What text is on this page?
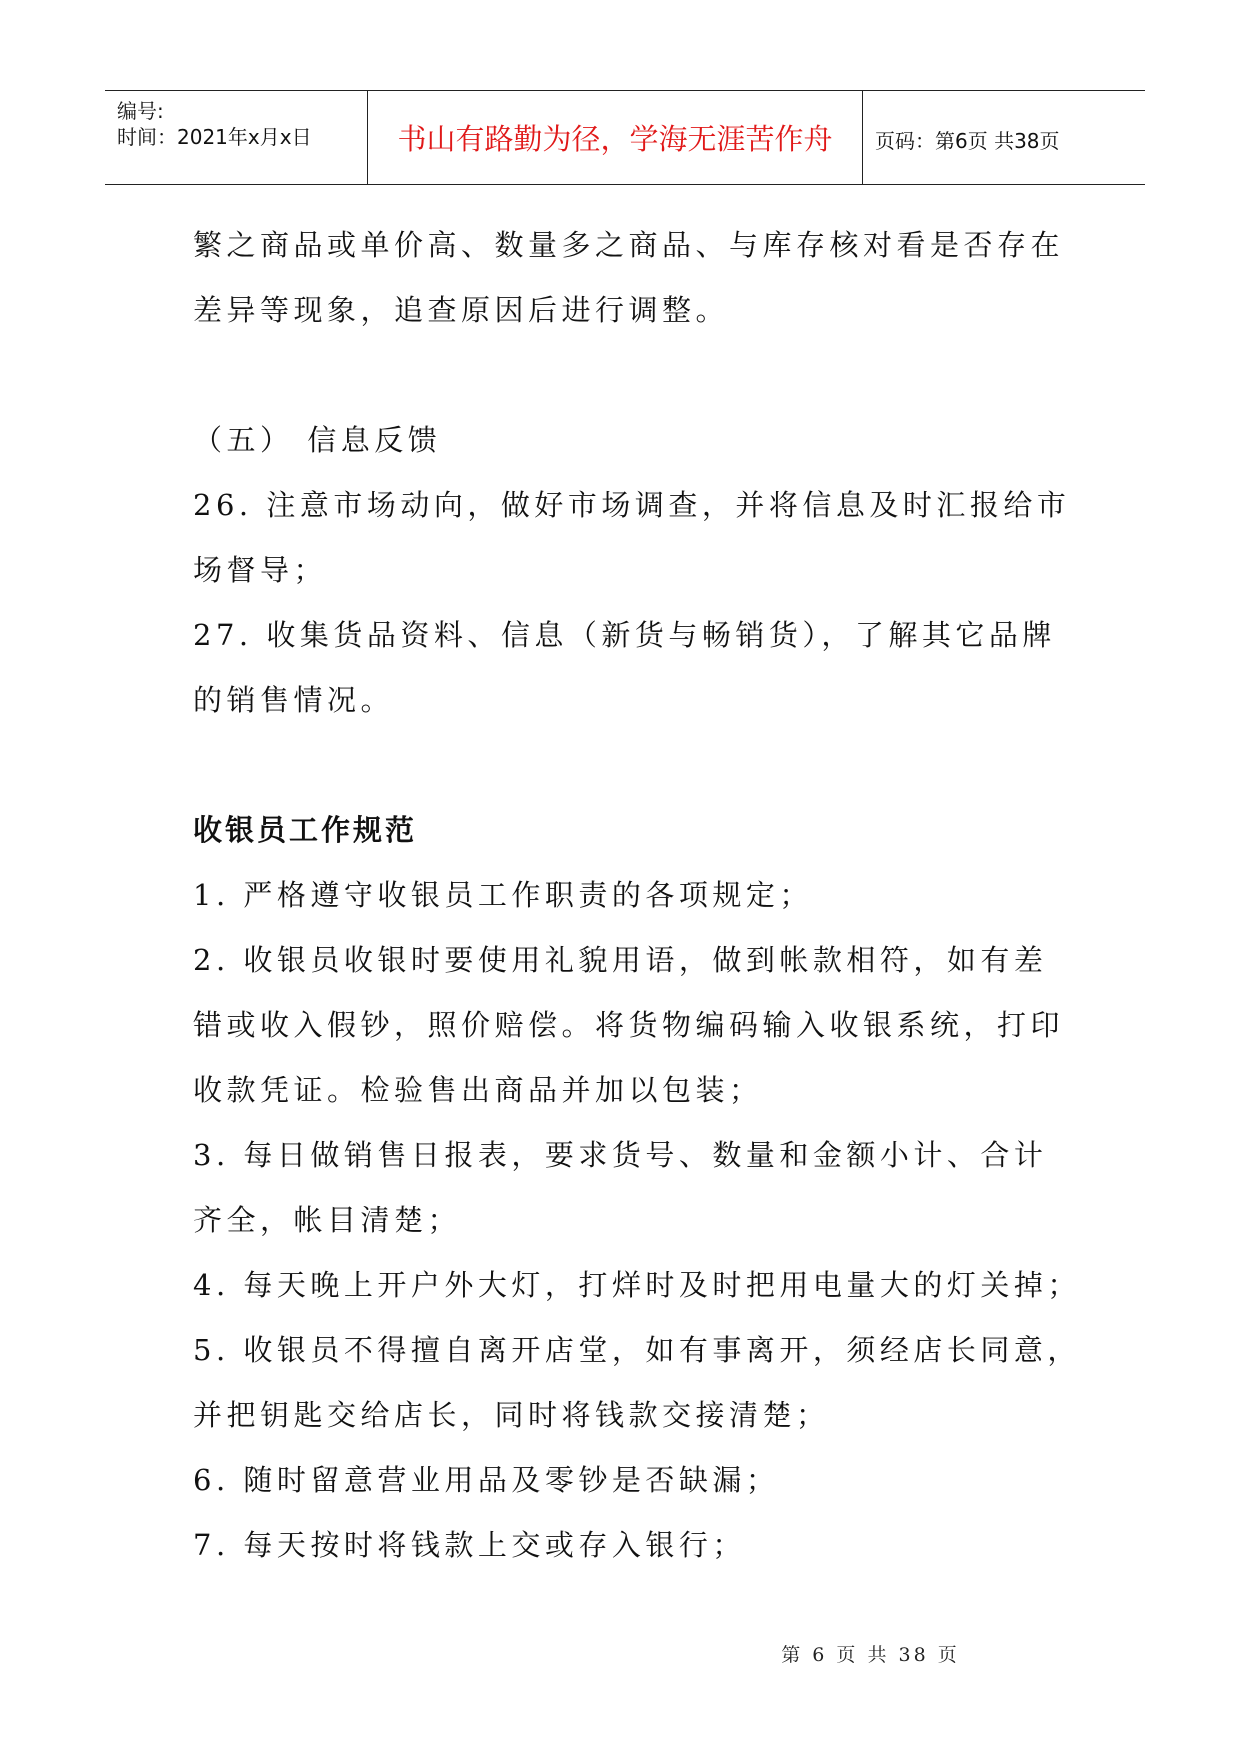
编号:
时间：2021年x月x日	书山有路勤为径，学海无涯苦作舟	页码：第6页 共38页

繁之商品或单价高、数量多之商品、与库存核对看是否存在

差异等现象，追查原因后进行调整。

（五） 信息反馈

26. 注意市场动向，做好市场调查，并将信息及时汇报给市

场督导；

27. 收集货品资料、信息（新货与畅销货），了解其它品牌

的销售情况。

收银员工作规范

1. 严格遵守收银员工作职责的各项规定；

2. 收银员收银时要使用礼貌用语，做到帐款相符，如有差

错或收入假钞，照价赔偿。将货物编码输入收银系统，打印

收款凭证。检验售出商品并加以包装；

3. 每日做销售日报表，要求货号、数量和金额小计、合计

齐全，帐目清楚；

4. 每天晚上开户外大灯，打烊时及时把用电量大的灯关掉；

5. 收银员不得擅自离开店堂，如有事离开，须经店长同意，

并把钥匙交给店长，同时将钱款交接清楚；

6. 随时留意营业用品及零钞是否缺漏；

7. 每天按时将钱款上交或存入银行；

第 6 页 共 38 页
